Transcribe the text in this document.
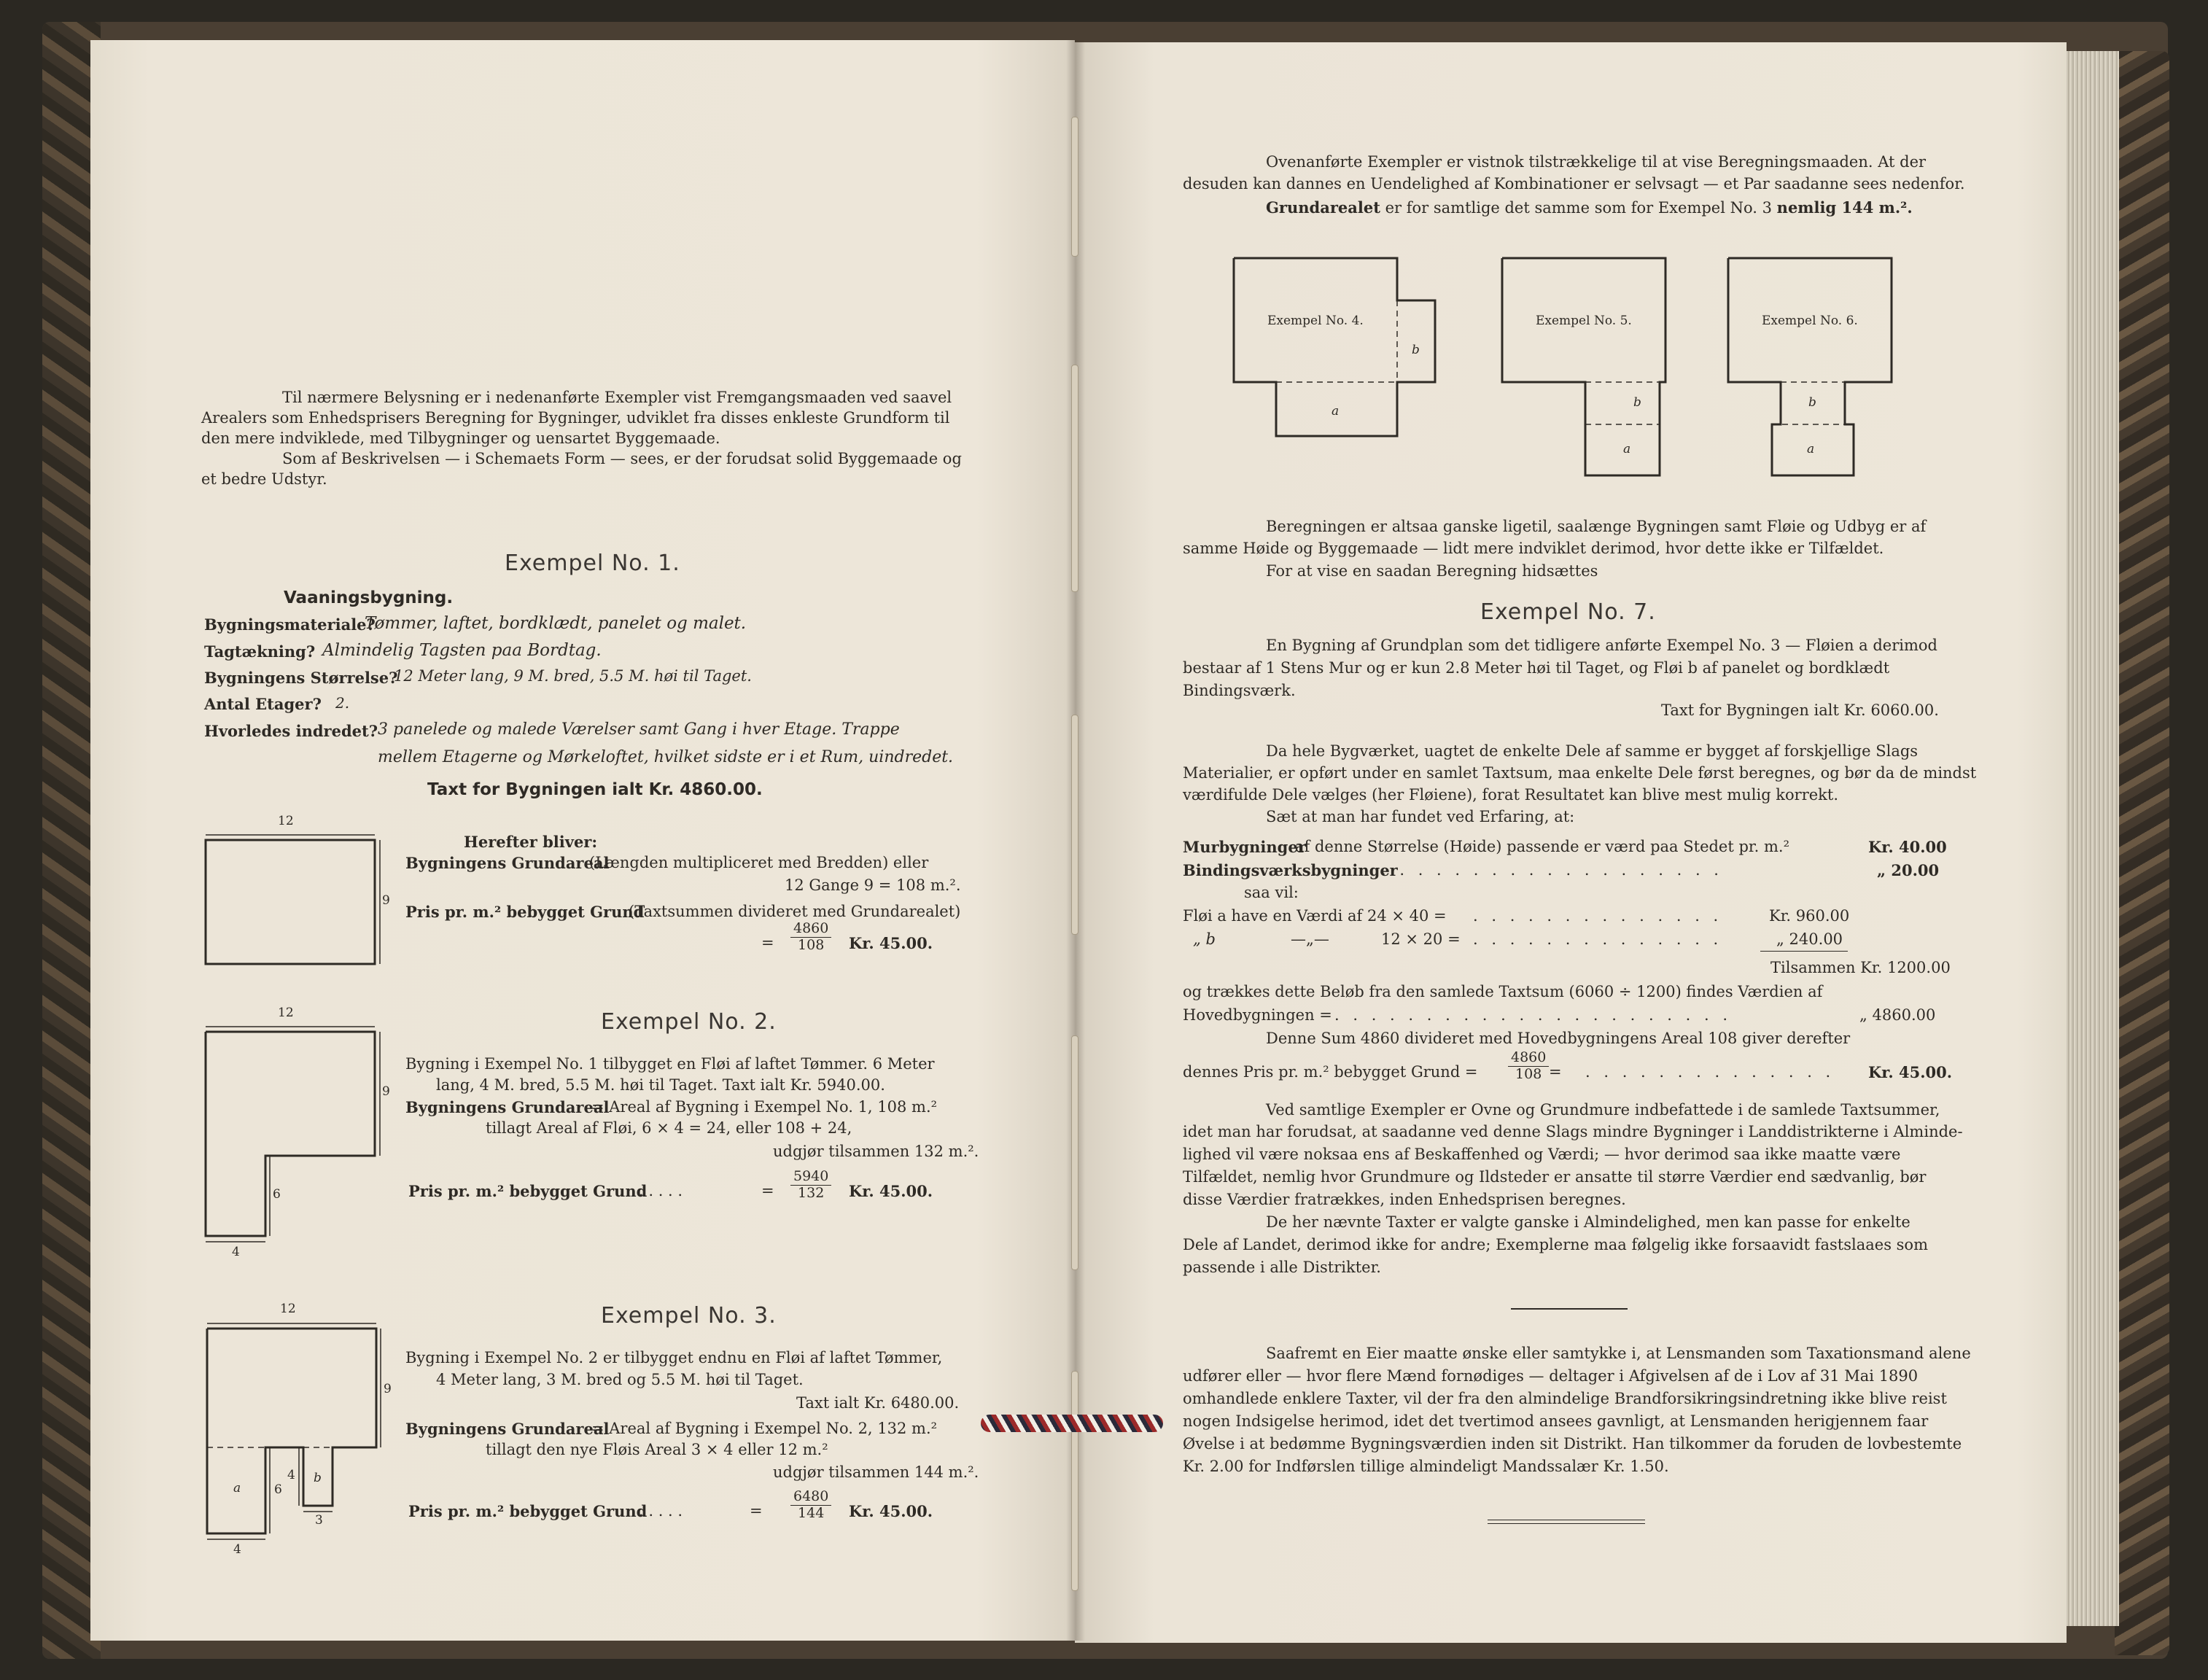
Til nærmere Belysning er i nedenanførte Exempler vist Fremgangsmaaden ved saavel
Arealers som Enhedsprisers Beregning for Bygninger, udviklet fra disses enkleste Grundform til
den mere indviklede, med Tilbygninger og uensartet Byggemaade.
Som af Beskrivelsen — i Schemaets Form — sees, er der forudsat solid Byggemaade og
et bedre Udstyr.
Exempel No. 1.
Vaaningsbygning.
Bygningsmateriale?
Tømmer, laftet, bordklædt, panelet og malet.
Tagtækning? Almindelig Tagsten paa Bordtag.
Bygningens Størrelse?
12 Meter lang, 9 M. bred, 5.5 M. høi til Taget.
Antal Etager? 2.
Hvorledes indredet? 3 panelede og malede Værelser samt Gang i hver Etage. Trappe
mellem Etagerne og Mørkeloftet, hvilket sidste er i et Rum, uindredet.
Taxt for Bygningen ialt Kr. 4860.00.
12
9
Herefter bliver:
Bygningens Grundareal
(Længden multipliceret med Bredden) eller
12 Gange 9 = 108 m.².
Pris pr. m.² bebygget Grund
(Taxtsummen divideret med Grundarealet)
= $\frac{4860}{108} Kr$. 45.00.
Exempel No. 2.
12
9
6
4
Bygning i Exempel No. 1 tilbygget en Fløi af laftet Tømmer. 6 Meter
lang, 4 M. bred, 5.5 M. høi til Taget. Taxt ialt Kr. 5940.00.
Bygningens Grundareal
= Areal af Bygning i Exempel No. 1, 108 m.²
tillagt Areal af Fløi, 6 × 4 = 24, eller 108 + 24,
udgjør tilsammen 132 m.².
Pris pr. m.² bebygget Grund
. . . . .	= $\frac{5940}{132} Kr$. 45.00.
Exempel No. 3.
12
9
a
b
6
4
4
3
Bygning i Exempel No. 2 er tilbygget endnu en Fløi af laftet Tømmer,
4 Meter lang, 3 M. bred og 5.5 M. høi til Taget.
Taxt ialt Kr. 6480.00.
Bygningens Grundareal
= Areal af Bygning i Exempel No. 2, 132 m.²
tillagt den nye Fløis Areal 3 × 4 eller 12 m.²
udgjør tilsammen 144 m.².
Pris pr. m.² bebygget Grund
. . . . .	= $\frac{6480}{144} Kr$. 45.00.
Ovenanførte Exempler er vistnok tilstrækkelige til at vise Beregningsmaaden. At der
desuden kan dannes en Uendelighed af Kombinationer er selvsagt — et Par saadanne sees nedenfor.
Grundarealet er for samtlige det samme som for Exempel No. 3 nemlig 144 m.².
Exempel No. 4.
b
a
Exempel No. 5.
b
a
Exempel No. 6.
b
a
Beregningen er altsaa ganske ligetil, saalænge Bygningen samt Fløie og Udbyg er af
samme Høide og Byggemaade — lidt mere indviklet derimod, hvor dette ikke er Tilfældet.
For at vise en saadan Beregning hidsættes
Exempel No. 7.
En Bygning af Grundplan som det tidligere anførte Exempel No. 3 — Fløien a derimod
bestaar af 1 Stens Mur og er kun 2.8 Meter høi til Taget, og Fløi b af panelet og bordklædt
Bindingsværk.
Taxt for Bygningen ialt Kr. 6060.00.
Da hele Bygværket, uagtet de enkelte Dele af samme er bygget af forskjellige Slags
Materialier, er opført under en samlet Taxtsum, maa enkelte Dele først beregnes, og bør da de mindst
værdifulde Dele vælges (her Fløiene), forat Resultatet kan blive mest mulig korrekt.
Sæt at man har fundet ved Erfaring, at:
Murbygninger
af denne Størrelse (Høide) passende er værd paa Stedet pr. m.²	Kr. 40.00
Bindingsværksbygninger
. . . . . . . . . . . . . . . . . . .	„ 20.00
saa vil:
Fløi a have en Værdi af 24 × 40 = . . . . . . . . . . . . . .	Kr. 960.00
„ b	—„—	12 × 20 = . . . . . . . . . . . . . .	„ 240.00
Tilsammen Kr. 1200.00
og trækkes dette Beløb fra den samlede Taxtsum (6060 ÷ 1200) findes Værdien af
Hovedbygningen = . . . . . . . . . . . . . . . . . . . . . .	„ 4860.00
Denne Sum 4860 divideret med Hovedbygningens Areal 108 giver derefter
dennes Pris pr. m.² bebygget Grund = $\frac{4860}{108}$ = . . . . . . . . . . . . . . Kr. 45.00.
Ved samtlige Exempler er Ovne og Grundmure indbefattede i de samlede Taxtsummer,
idet man har forudsat, at saadanne ved denne Slags mindre Bygninger i Landdistrikterne i Alminde-
lighed vil være noksaa ens af Beskaffenhed og Værdi; — hvor derimod saa ikke maatte være
Tilfældet, nemlig hvor Grundmure og Ildsteder er ansatte til større Værdier end sædvanlig, bør
disse Værdier fratrækkes, inden Enhedsprisen beregnes.
De her nævnte Taxter er valgte ganske i Almindelighed, men kan passe for enkelte
Dele af Landet, derimod ikke for andre; Exemplerne maa følgelig ikke forsaavidt fastslaaes som
passende i alle Distrikter.
Saafremt en Eier maatte ønske eller samtykke i, at Lensmanden som Taxationsmand alene
udfører eller — hvor flere Mænd fornødiges — deltager i Afgivelsen af de i Lov af 31 Mai 1890
omhandlede enklere Taxter, vil der fra den almindelige Brandforsikringsindretning ikke blive reist
nogen Indsigelse herimod, idet det tvertimod ansees gavnligt, at Lensmanden herigjennem faar
Øvelse i at bedømme Bygningsværdien inden sit Distrikt. Han tilkommer da foruden de lovbestemte
Kr. 2.00 for Indførslen tillige almindeligt Mandssalær Kr. 1.50.
